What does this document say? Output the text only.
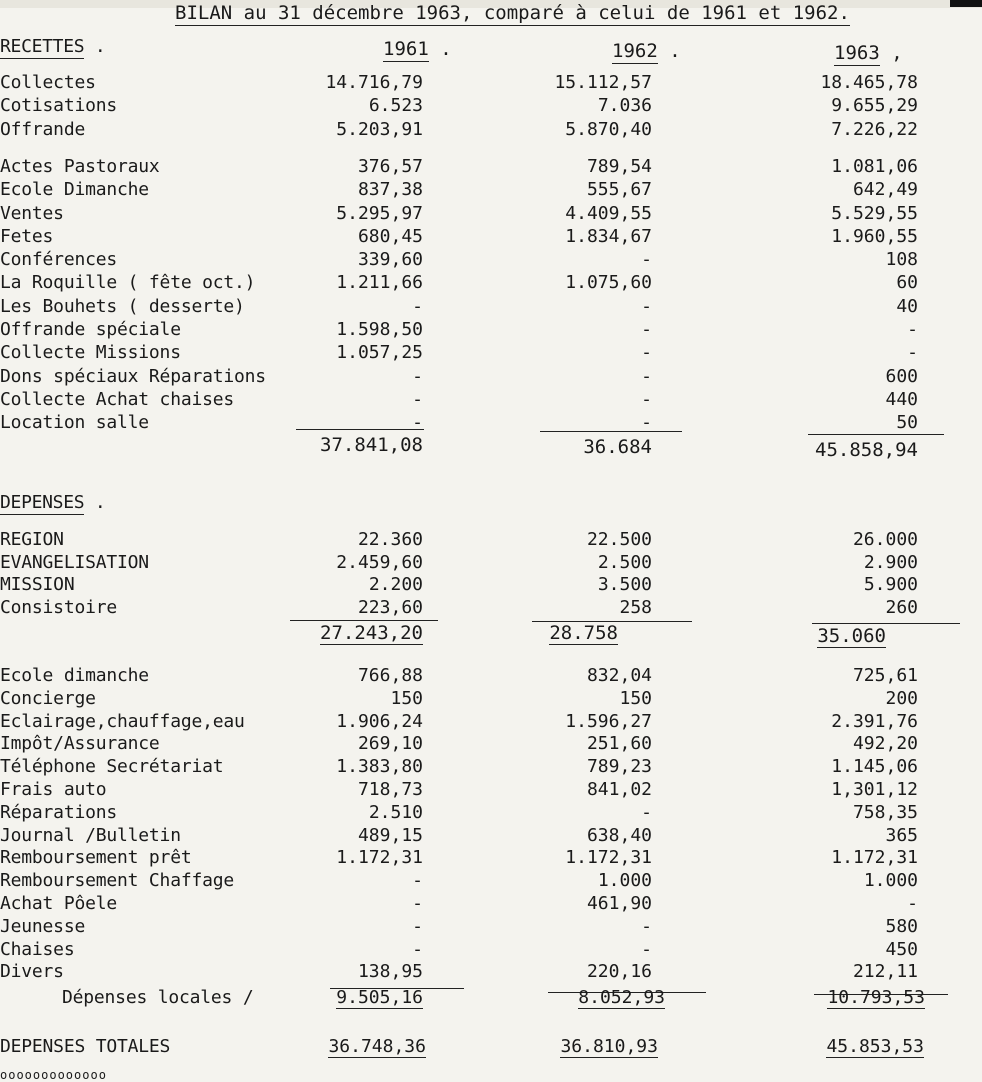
BILAN au 31 décembre 1963, comparé à celui de 1961 et 1962.
RECETTES .	1961 .	1962 .	1963 ,
Collectes	14.716,79	15.112,57	18.465,78
Cotisations	6.523	7.036	9.655,29
Offrande	5.203,91	5.870,40	7.226,22
Actes Pastoraux	376,57	789,54	1.081,06
Ecole Dimanche	837,38	555,67	642,49
Ventes	5.295,97	4.409,55	5.529,55
Fetes	680,45	1.834,67	1.960,55
Conférences	339,60	-	108
La Roquille ( fête oct.)	1.211,66	1.075,60	60
Les Bouhets ( desserte)	-	-	40
Offrande spéciale	1.598,50	-	-
Collecte Missions	1.057,25	-	-
Dons spéciaux Réparations	-	-	600
Collecte Achat chaises	-	-	440
Location salle	-	-	50
37.841,08	36.684	45.858,94
DEPENSES .
REGION	22.360	22.500	26.000
EVANGELISATION	2.459,60	2.500	2.900
MISSION	2.200	3.500	5.900
Consistoire	223,60	258	260
27.243,20	28.758	35.060
Ecole dimanche	766,88	832,04	725,61
Concierge	150	150	200
Eclairage,chauffage,eau	1.906,24	1.596,27	2.391,76
Impôt/Assurance	269,10	251,60	492,20
Téléphone Secrétariat	1.383,80	789,23	1.145,06
Frais auto	718,73	841,02	1,301,12
Réparations	2.510	-	758,35
Journal /Bulletin	489,15	638,40	365
Remboursement prêt	1.172,31	1.172,31	1.172,31
Remboursement Chaffage	-	1.000	1.000
Achat Pôele	-	461,90	-
Jeunesse	-	-	580
Chaises	-	-	450
Divers	138,95	220,16	212,11
Dépenses locales /	9.505,16	8.052,93	10.793,53
DEPENSES TOTALES	36.748,36	36.810,93	45.853,53
ooooooooooooo
